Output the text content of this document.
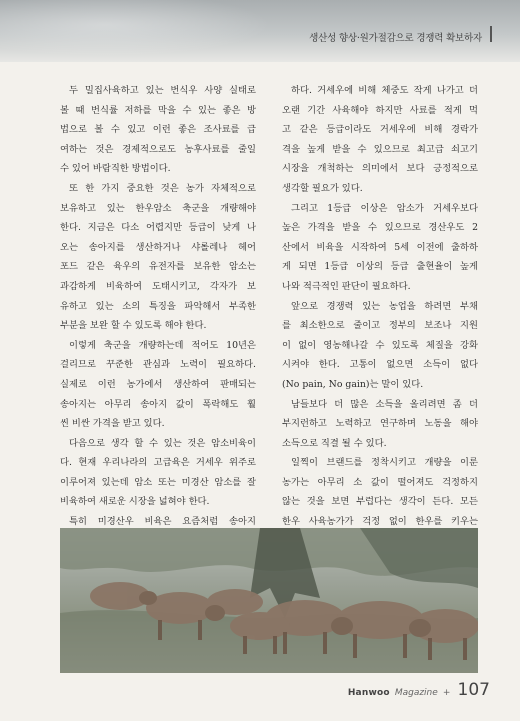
생산성 향상·원가절감으로 경쟁력 확보하자

두 밀집사육하고 있는 번식우 사양 실태로
볼 때 번식률 저하를 막을 수 있는 좋은 방
법으로 볼 수 있고 이런 좋은 조사료를 급
여하는 것은 경제적으로도 농후사료를 줄일
수 있어 바람직한 방법이다.

또 한 가지 중요한 것은 농가 자체적으로
보유하고 있는 한우암소 축군을 개량해야
한다. 지금은 다소 어렵지만 등급이 낮게 나
오는 송아지를 생산하거나 샤롤레나 헤어
포드 같은 육우의 유전자를 보유한 암소는
과감하게 비육하여 도태시키고, 각자가 보
유하고 있는 소의 특징을 파악해서 부족한
부분을 보완 할 수 있도록 해야 한다.

이렇게 축군을 개량하는데 적어도 10년은
걸리므로 꾸준한 관심과 노력이 필요하다.
실제로 이런 농가에서 생산하여 판매되는
송아지는 아무리 송아지 값이 폭락해도 훨
씬 비싼 가격을 받고 있다.

다음으로 생각 할 수 있는 것은 암소비육이
다. 현재 우리나라의 고급육은 거세우 위주로
이루어져 있는데 암소 또는 미경산 암소를 잘
비육하여 새로운 시장을 넓혀야 한다.

특히 미경산우 비육은 요즘처럼 송아지

하다. 거세우에 비해 체중도 작게 나가고 더
오랜 기간 사육해야 하지만 사료를 적게 먹
고 같은 등급이라도 거세우에 비해 경락가
격을 높게 받을 수 있으므로 최고급 쇠고기
시장을 개척하는 의미에서 보다 긍정적으로
생각할 필요가 있다.

그리고 1등급 이상은 암소가 거세우보다
높은 가격을 받을 수 있으므로 경산우도 2
산에서 비육을 시작하여 5세 이전에 출하하
게 되면 1등급 이상의 등급 출현율이 높게
나와 적극적인 판단이 필요하다.

앞으로 경쟁력 있는 농업을 하려면 부채
를 최소한으로 줄이고 정부의 보조나 지원
이 없이 영농해나갈 수 있도록 체질을 강화
시켜야 한다. 고통이 없으면 소득이 없다
(No pain, No gain)는 말이 있다.

남들보다 더 많은 소득을 올리려면 좀 더
부지런하고 노력하고 연구하며 노동을 해야
소득으로 직결 될 수 있다.

일찍이 브랜드를 정착시키고 개량을 이룬
농가는 아무리 소 값이 떨어져도 걱정하지
않는 것을 보면 부럽다는 생각이 든다. 모든
한우 사육농가가 걱정 없이 한우를 키우는

Hanwoo Magazine + 107
